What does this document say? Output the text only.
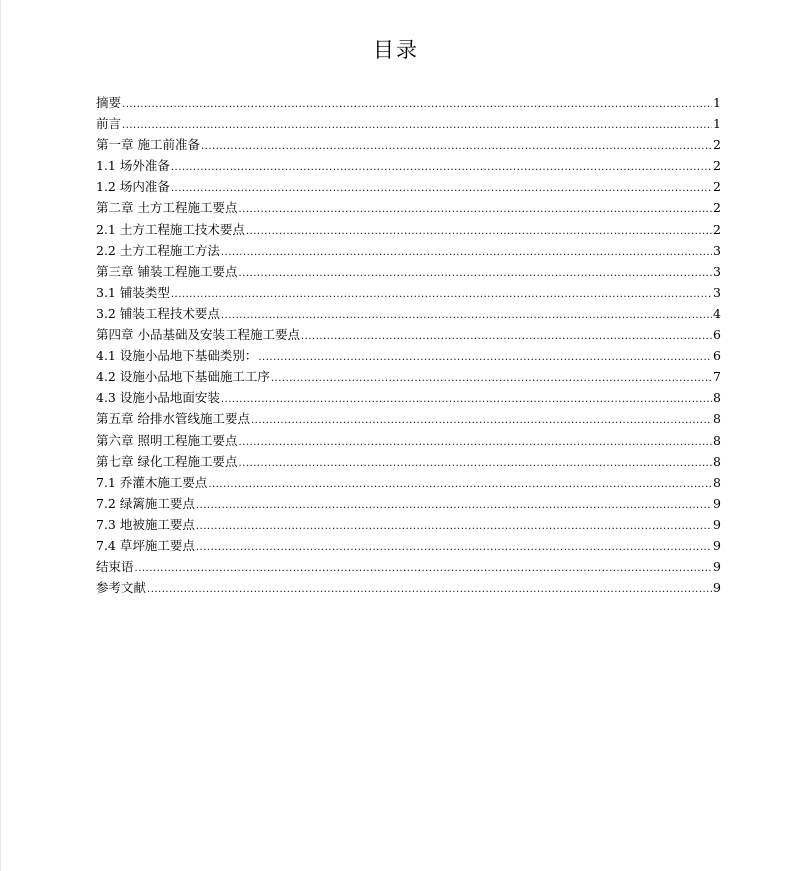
目录
摘要 .....	1
前言 .....	1
第一章 施工前准备 .....	2
1.1 场外准备 .....	2
1.2 场内准备 .....	2
第二章 土方工程施工要点 .....	2
2.1 土方工程施工技术要点 .....	2
2.2 土方工程施工方法 .....	3
第三章 铺装工程施工要点 .....	3
3.1 铺装类型 .....	3
3.2 铺装工程技术要点 .....	4
第四章 小品基础及安装工程施工要点 .....	6
4.1 设施小品地下基础类别： .....	6
4.2 设施小品地下基础施工工序 .....	7
4.3 设施小品地面安装 .....	8
第五章 给排水管线施工要点 .....	8
第六章 照明工程施工要点 .....	8
第七章 绿化工程施工要点 .....	8
7.1 乔灌木施工要点 .....	8
7.2 绿篱施工要点 .....	9
7.3 地被施工要点 .....	9
7.4 草坪施工要点 .....	9
结束语 .....	9
参考文献 .....	9
